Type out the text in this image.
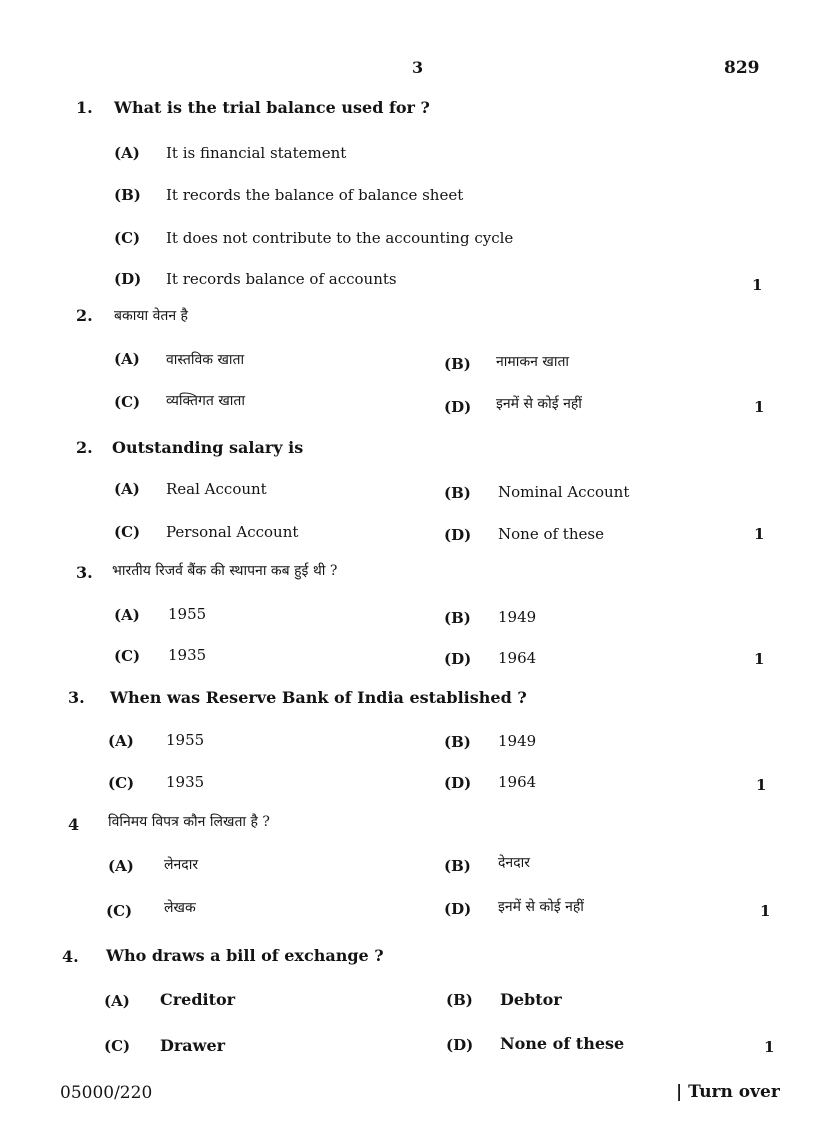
3	829
1. What is the trial balance used for ?
(A) It is financial statement
(B) It records the balance of balance sheet
(C) It does not contribute to the accounting cycle
(D) It records balance of accounts	1
2. बकाया वेतन है
(A) वास्तविक खाता	(B) नामाकन खाता
(C) व्यक्तिगत खाता	(D) इनमें से कोई नहीं	1
2. Outstanding salary is
(A) Real Account	(B) Nominal Account
(C) Personal Account	(D) None of these	1
3. भारतीय रिजर्व बैंक की स्थापना कब हुई थी ?
(A) 1955	(B) 1949
(C) 1935	(D) 1964	1
3. When was Reserve Bank of India established ?
(A) 1955	(B) 1949
(C) 1935	(D) 1964	1
4 विनिमय विपत्र कौन लिखता है ?
(A) लेनदार	(B) देनदार
(C) लेखक	(D) इनमें से कोई नहीं	1
4. Who draws a bill of exchange ?
(A) Creditor	(B) Debtor
(C) Drawer	(D) None of these	1
05000/220	| Turn over
